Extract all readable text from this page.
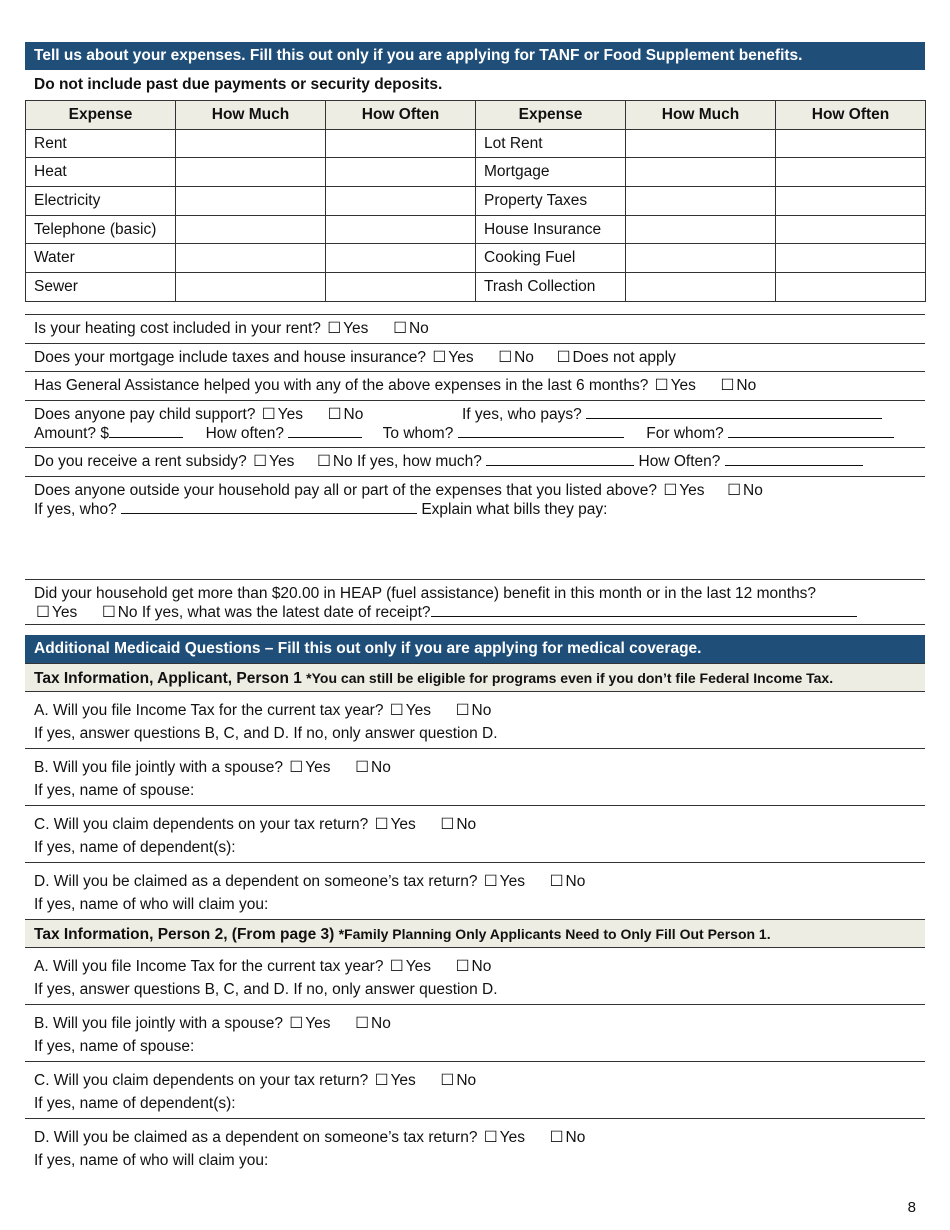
Tell us about your expenses. Fill this out only if you are applying for TANF or Food Supplement benefits.
Do not include past due payments or security deposits.
Expense	How Much	How Often	Expense	How Much	How Often
Rent			Lot Rent		
Heat			Mortgage		
Electricity			Property Taxes		
Telephone (basic)			House Insurance		
Water			Cooking Fuel		
Sewer			Trash Collection		
Is your heating cost included in your rent? ☐ Yes ☐ No
Does your mortgage include taxes and house insurance? ☐ Yes ☐ No ☐ Does not apply
Has General Assistance helped you with any of the above expenses in the last 6 months? ☐ Yes ☐ No
Does anyone pay child support? ☐ Yes ☐ No	If yes, who pays?
Amount? $	How often?	To whom?	For whom?
Do you receive a rent subsidy? ☐ Yes ☐ No If yes, how much?	How Often?
Does anyone outside your household pay all or part of the expenses that you listed above? ☐ Yes ☐ No
If yes, who?	Explain what bills they pay:
Did your household get more than $20.00 in HEAP (fuel assistance) benefit in this month or in the last 12 months?
☐ Yes ☐ No If yes, what was the latest date of receipt?
Additional Medicaid Questions – Fill this out only if you are applying for medical coverage.
Tax Information, Applicant, Person 1 *You can still be eligible for programs even if you don’t file Federal Income Tax.
A. Will you file Income Tax for the current tax year? ☐ Yes ☐ No
If yes, answer questions B, C, and D. If no, only answer question D.
B. Will you file jointly with a spouse? ☐ Yes ☐ No
If yes, name of spouse:
C. Will you claim dependents on your tax return? ☐ Yes ☐ No
If yes, name of dependent(s):
D. Will you be claimed as a dependent on someone’s tax return? ☐ Yes ☐ No
If yes, name of who will claim you:
Tax Information, Person 2, (From page 3) *Family Planning Only Applicants Need to Only Fill Out Person 1.
A. Will you file Income Tax for the current tax year? ☐ Yes ☐ No
If yes, answer questions B, C, and D. If no, only answer question D.
B. Will you file jointly with a spouse? ☐ Yes ☐ No
If yes, name of spouse:
C. Will you claim dependents on your tax return? ☐ Yes ☐ No
If yes, name of dependent(s):
D. Will you be claimed as a dependent on someone’s tax return? ☐ Yes ☐ No
If yes, name of who will claim you:
8
